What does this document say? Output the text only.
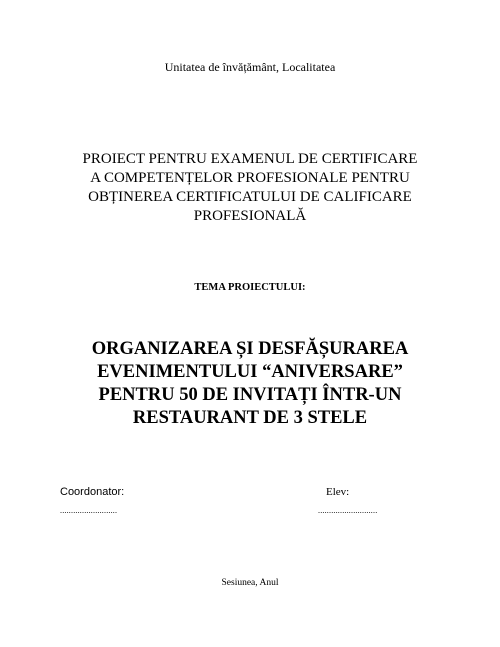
Unitatea de învățământ, Localitatea
PROIECT PENTRU EXAMENUL DE CERTIFICARE
A COMPETENȚELOR PROFESIONALE PENTRU
OBȚINEREA CERTIFICATULUI DE CALIFICARE
PROFESIONALĂ
TEMA PROIECTULUI:
ORGANIZAREA ȘI DESFĂȘURAREA
EVENIMENTULUI “ANIVERSARE”
PENTRU 50 DE INVITAȚI ÎNTR-UN
RESTAURANT DE 3 STELE
Coordonator:	Elev:
..........................	...........................
Sesiunea, Anul
